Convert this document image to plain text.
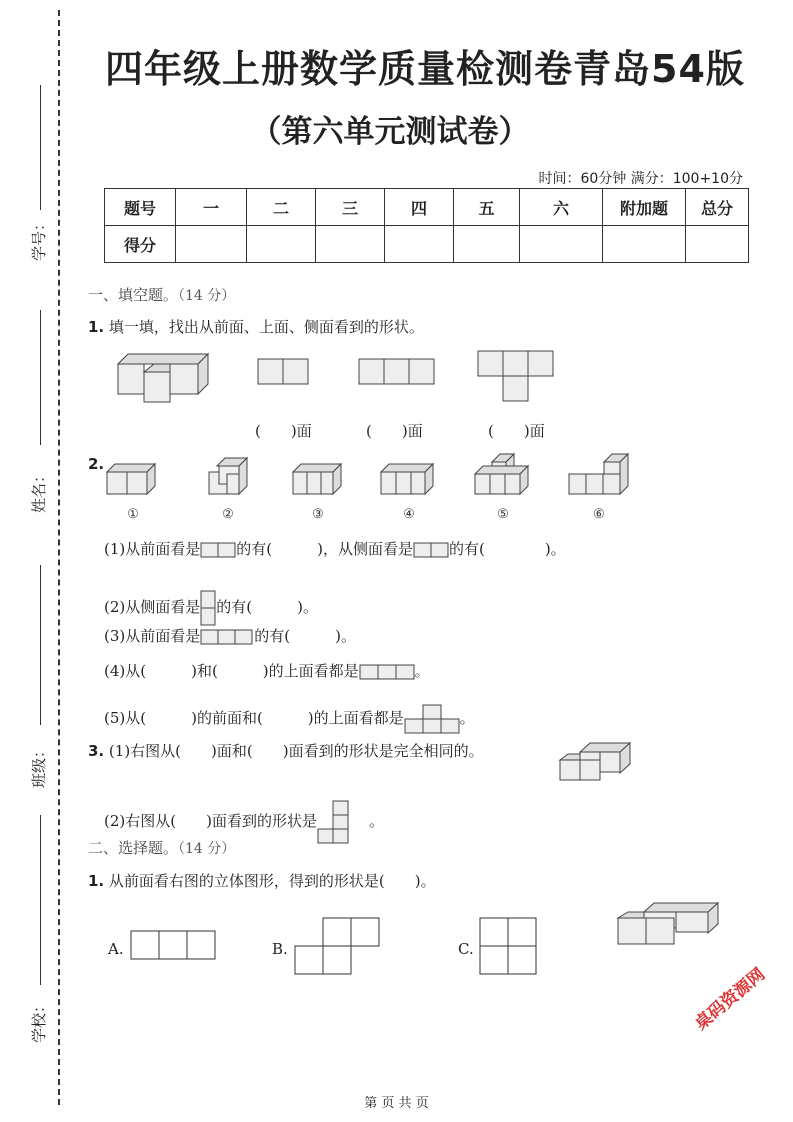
学号：
姓名：
班级：
学校：
四年级上册数学质量检测卷青岛54版
（第六单元测试卷）
时间：60分钟 满分：100+10分
题号	一	二	三	四	五	六	附加题	总分
得分								
一、填空题。（14 分）
1. 填一填，找出从前面、上面、侧面看到的形状。
(　　)面	(　　)面	(　　)面
2.
①	②	③	④	⑤	⑥
(1)从前面看是 的有(　　　)，从侧面看是 的有(　　　　)。
(2)从侧面看是 的有(　　　)。
(3)从前面看是	的有(　　　)。
(4)从(　　　)和(　　　)的上面看都是	。
(5)从(　　　)的前面和(　　　)的上面看都是	。
3. (1)右图从(　　)面和(　　)面看到的形状是完全相同的。
(2)右图从(　　)面看到的形状是	。
二、选择题。（14 分）
1. 从前面看右图的立体图形，得到的形状是(　　)。
A.	B.	C.
桌码资源网
第 页 共 页
